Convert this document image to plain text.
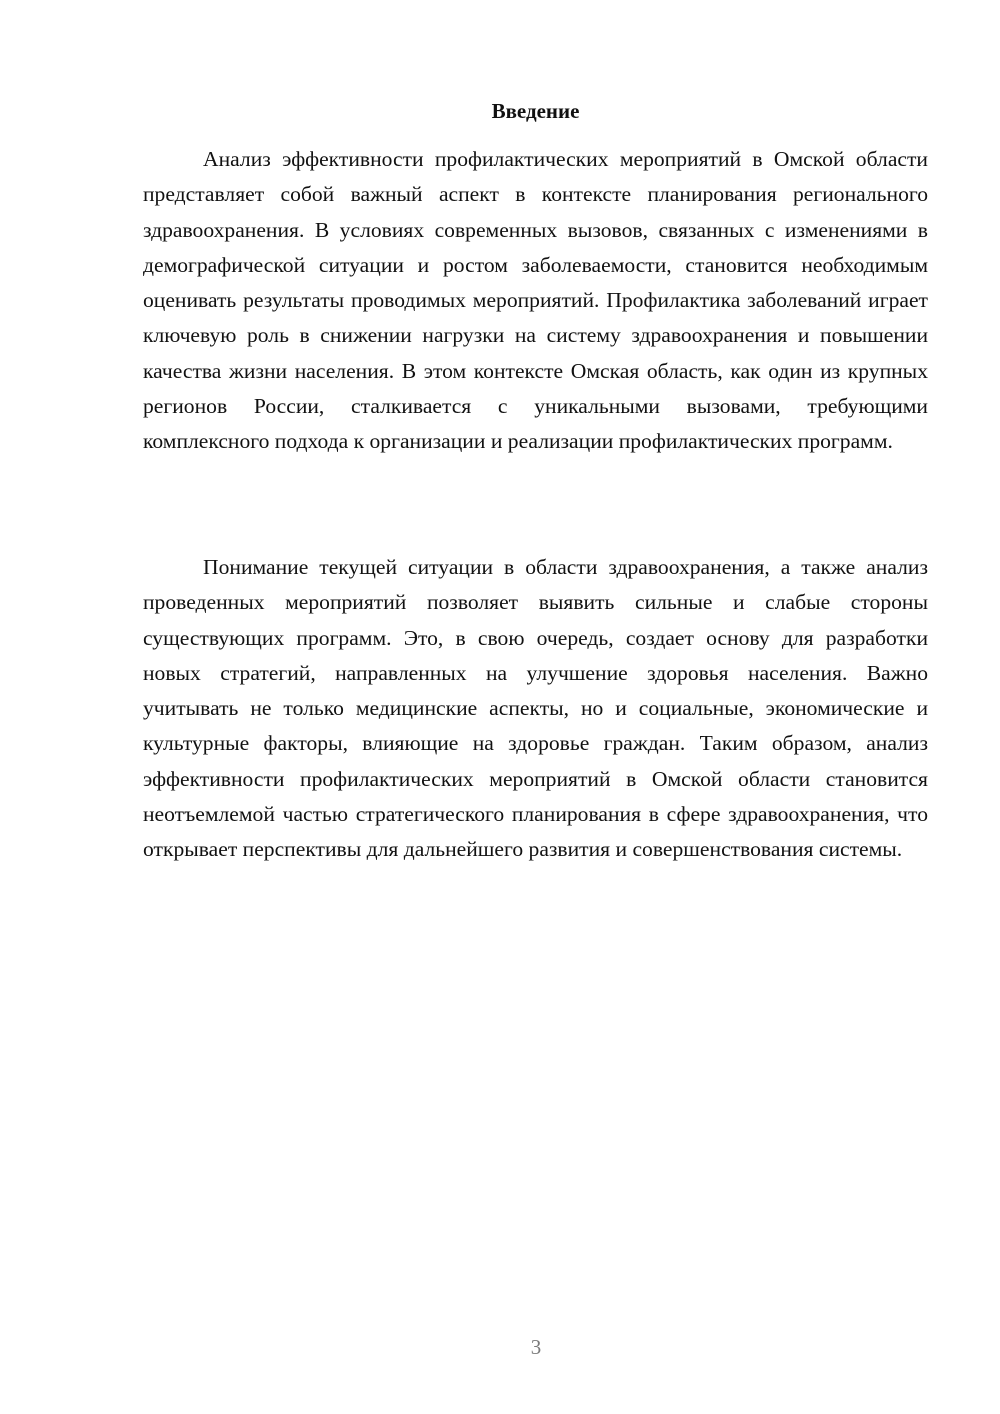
Введение

Анализ эффективности профилактических мероприятий в Омской области представляет собой важный аспект в контексте планирования регионального здравоохранения. В условиях современных вызовов, связанных с изменениями в демографической ситуации и ростом заболеваемости, становится необходимым оценивать результаты проводимых мероприятий. Профилактика заболеваний играет ключевую роль в снижении нагрузки на систему здравоохранения и повышении качества жизни населения. В этом контексте Омская область, как один из крупных регионов России, сталкивается с уникальными вызовами, требующими комплексного подхода к организации и реализации профилактических программ.

Понимание текущей ситуации в области здравоохранения, а также анализ проведенных мероприятий позволяет выявить сильные и слабые стороны существующих программ. Это, в свою очередь, создает основу для разработки новых стратегий, направленных на улучшение здоровья населения. Важно учитывать не только медицинские аспекты, но и социальные, экономические и культурные факторы, влияющие на здоровье граждан. Таким образом, анализ эффективности профилактических мероприятий в Омской области становится неотъемлемой частью стратегического планирования в сфере здравоохранения, что открывает перспективы для дальнейшего развития и совершенствования системы.

3
